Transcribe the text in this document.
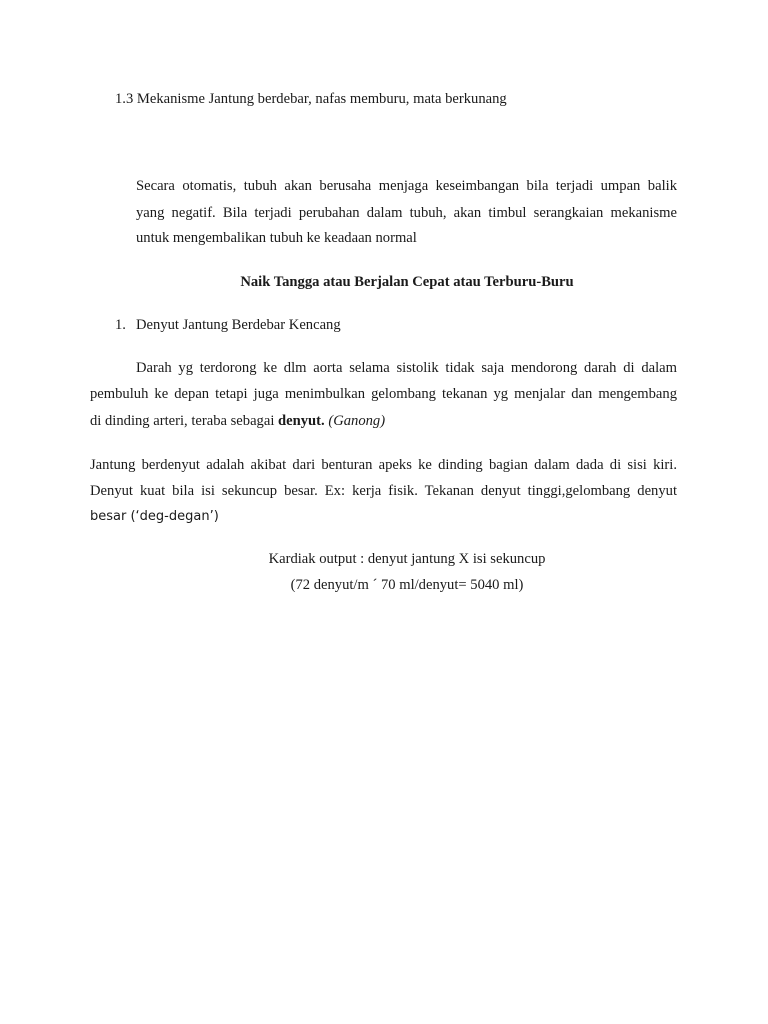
1.3 Mekanisme Jantung berdebar, nafas memburu, mata berkunang
Secara otomatis, tubuh akan berusaha menjaga keseimbangan bila terjadi umpan balik
yang negatif. Bila terjadi perubahan dalam tubuh, akan timbul serangkaian mekanisme
untuk mengembalikan tubuh ke keadaan normal
Naik Tangga atau Berjalan Cepat atau Terburu-Buru
1. Denyut Jantung Berdebar Kencang
Darah yg terdorong ke dlm aorta selama sistolik tidak saja mendorong darah di dalam
pembuluh ke depan tetapi juga menimbulkan gelombang tekanan yg menjalar dan mengembang
di dinding arteri, teraba sebagai denyut. (Ganong)
Jantung berdenyut adalah akibat dari benturan apeks ke dinding bagian dalam dada di sisi kiri.
Denyut kuat bila isi sekuncup besar. Ex: kerja fisik. Tekanan denyut tinggi,gelombang denyut
besar (‘deg-degan’)
Kardiak output : denyut jantung X isi sekuncup
(72 denyut/m ´ 70 ml/denyut= 5040 ml)
